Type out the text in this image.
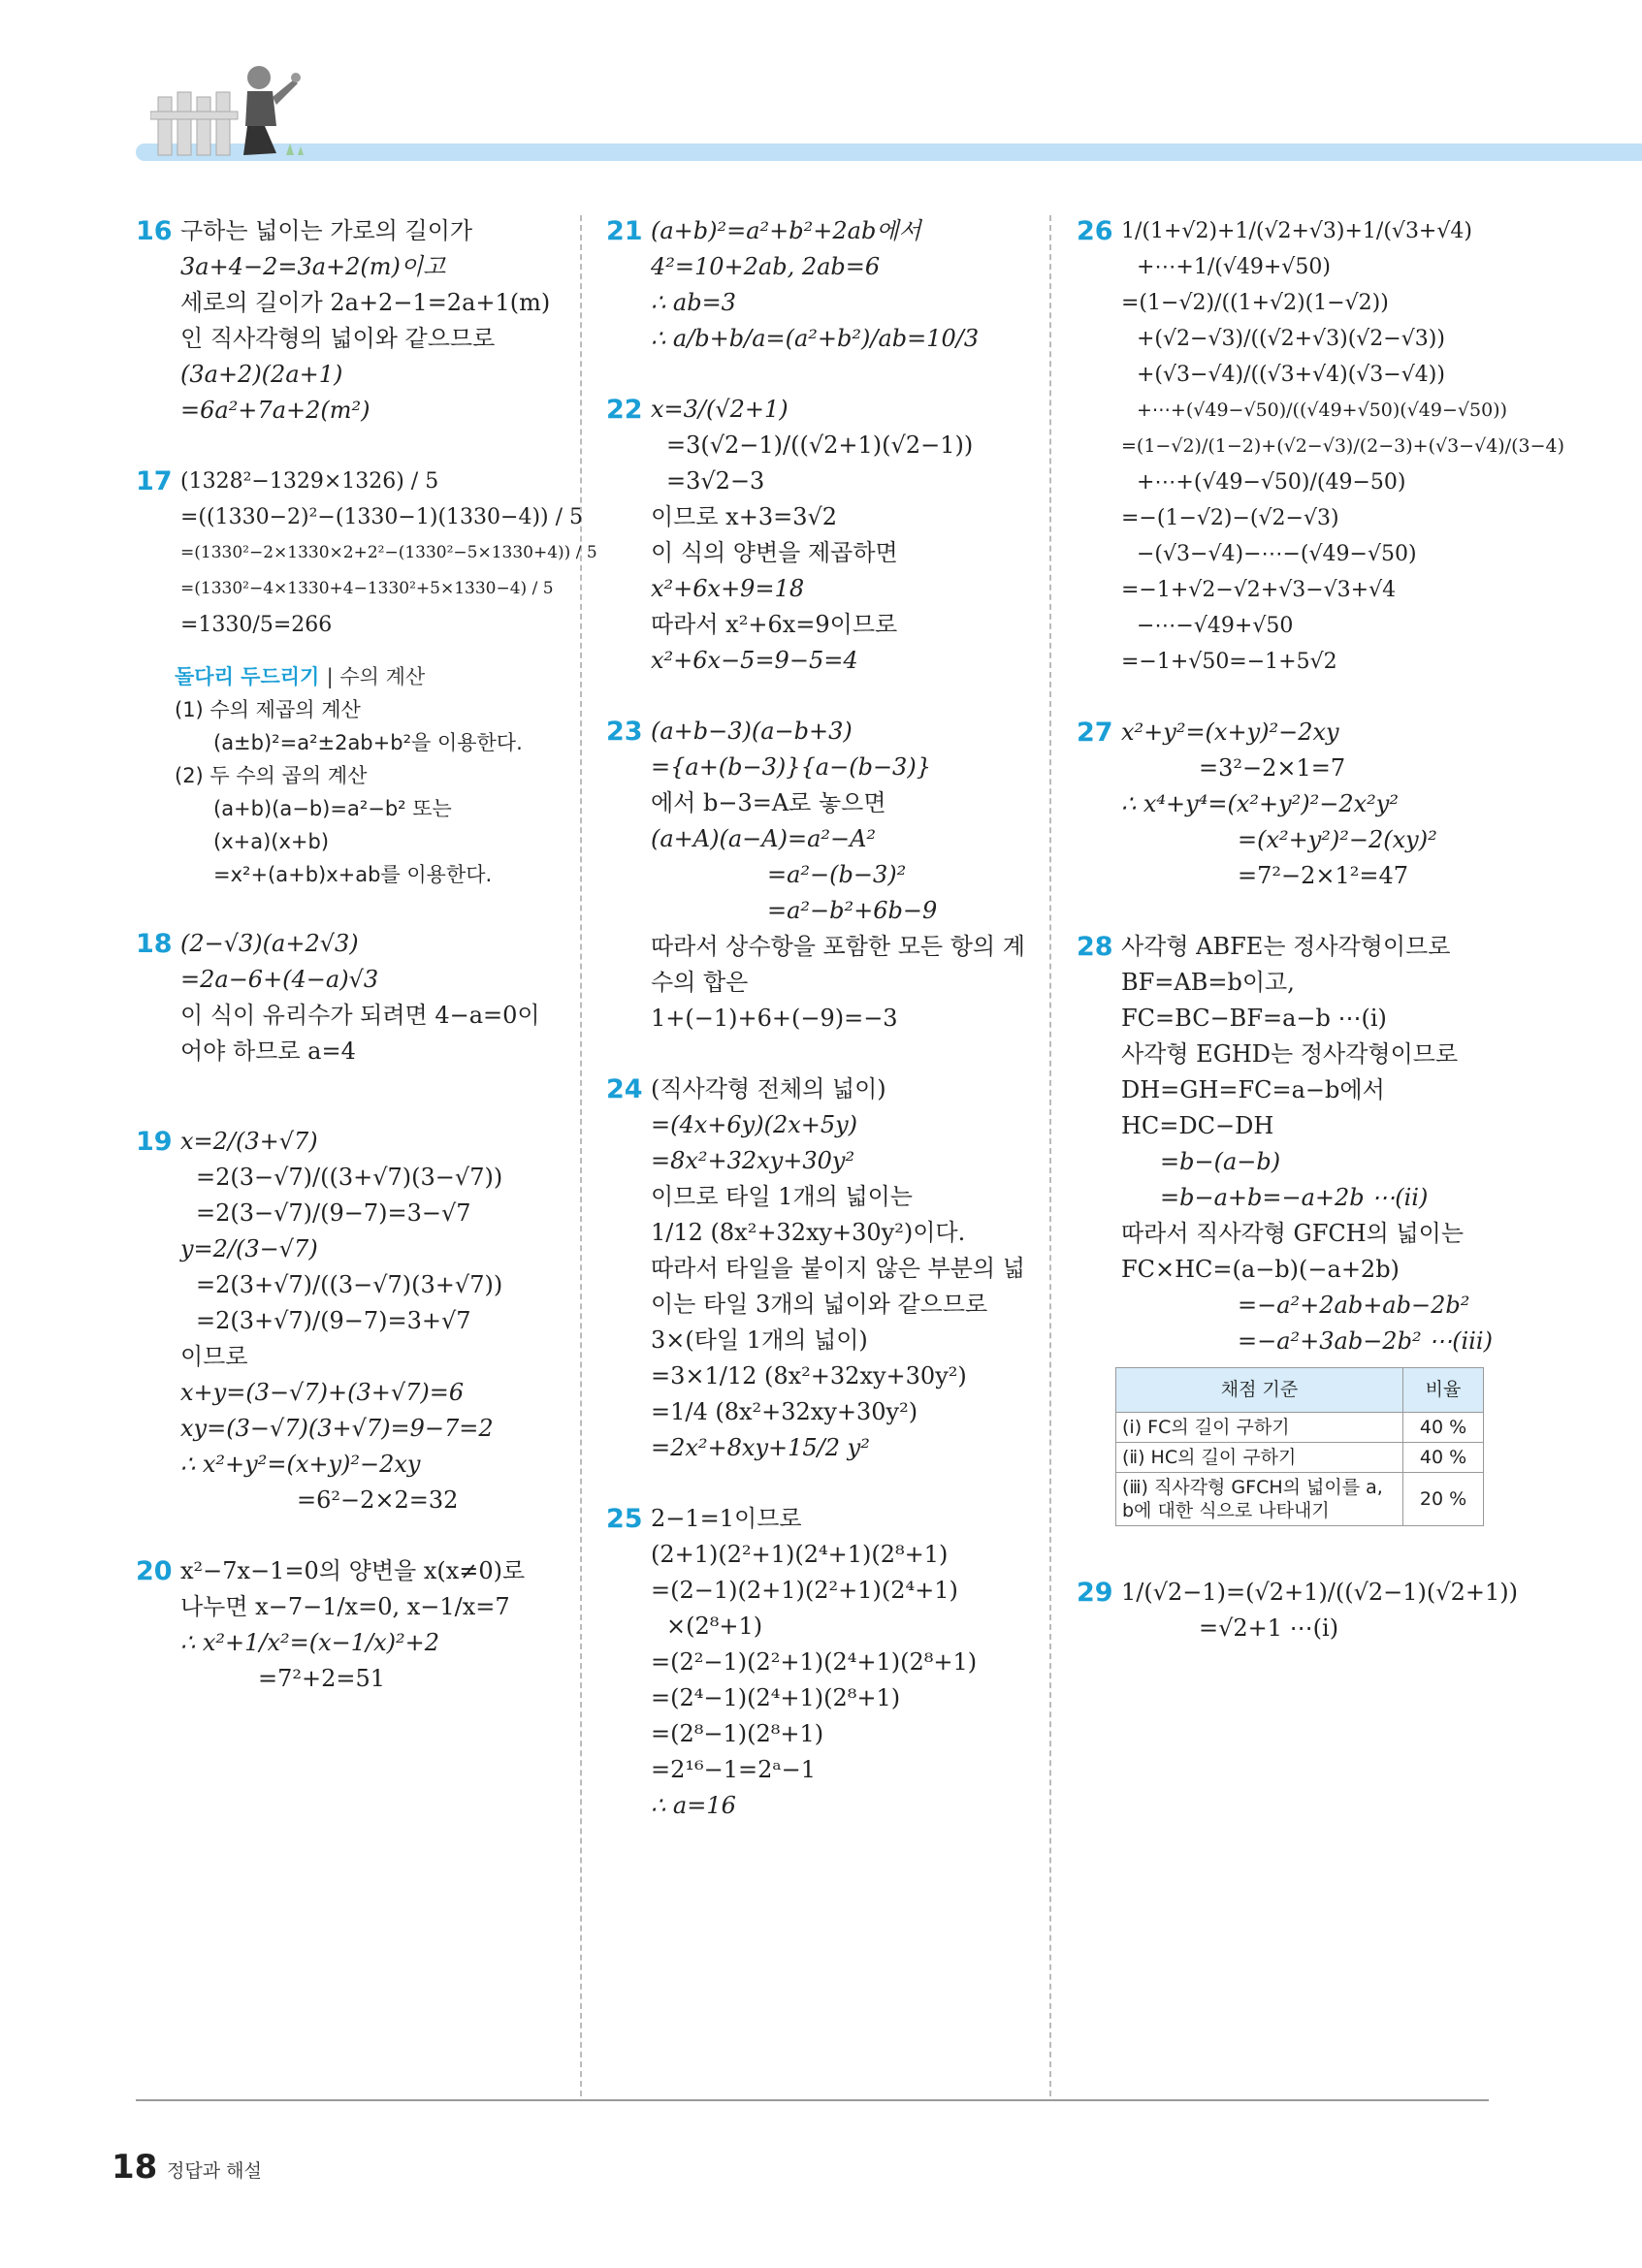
16 구하는 넓이는 가로의 길이가
3a+4−2=3a+2(m)이고
세로의 길이가 2a+2−1=2a+1(m)
인 직사각형의 넓이와 같으므로
(3a+2)(2a+1)
=6a²+7a+2(m²)
17 (1328²−1329×1326) / 5
=((1330−2)²−(1330−1)(1330−4)) / 5
=(1330²−2×1330×2+2²−(1330²−5×1330+4)) / 5
=(1330²−4×1330+4−1330²+5×1330−4) / 5
=1330/5=266
돌다리 두드리기 | 수의 계산
(1) 수의 제곱의 계산
(a±b)²=a²±2ab+b²을 이용한다.
(2) 두 수의 곱의 계산
(a+b)(a−b)=a²−b² 또는
(x+a)(x+b)
=x²+(a+b)x+ab를 이용한다.
18 (2−√3)(a+2√3)
=2a−6+(4−a)√3
이 식이 유리수가 되려면 4−a=0이
어야 하므로 a=4
19 x=2/(3+√7)
=2(3−√7)/((3+√7)(3−√7))
=2(3−√7)/(9−7)=3−√7
y=2/(3−√7)
=2(3+√7)/((3−√7)(3+√7))
=2(3+√7)/(9−7)=3+√7
이므로
x+y=(3−√7)+(3+√7)=6
xy=(3−√7)(3+√7)=9−7=2
∴ x²+y²=(x+y)²−2xy
=6²−2×2=32
20 x²−7x−1=0의 양변을 x(x≠0)로
나누면 x−7−1/x=0, x−1/x=7
∴ x²+1/x²=(x−1/x)²+2
=7²+2=51
21 (a+b)²=a²+b²+2ab에서
4²=10+2ab, 2ab=6
∴ ab=3
∴ a/b+b/a=(a²+b²)/ab=10/3
22 x=3/(√2+1)
=3(√2−1)/((√2+1)(√2−1))
=3√2−3
이므로 x+3=3√2
이 식의 양변을 제곱하면
x²+6x+9=18
따라서 x²+6x=9이므로
x²+6x−5=9−5=4
23 (a+b−3)(a−b+3)
={a+(b−3)}{a−(b−3)}
에서 b−3=A로 놓으면
(a+A)(a−A)=a²−A²
=a²−(b−3)²
=a²−b²+6b−9
따라서 상수항을 포함한 모든 항의 계
수의 합은
1+(−1)+6+(−9)=−3
24 (직사각형 전체의 넓이)
=(4x+6y)(2x+5y)
=8x²+32xy+30y²
이므로 타일 1개의 넓이는
1/12 (8x²+32xy+30y²)이다.
따라서 타일을 붙이지 않은 부분의 넓
이는 타일 3개의 넓이와 같으므로
3×(타일 1개의 넓이)
=3×1/12 (8x²+32xy+30y²)
=1/4 (8x²+32xy+30y²)
=2x²+8xy+15/2 y²
25 2−1=1이므로
(2+1)(2²+1)(2⁴+1)(2⁸+1)
=(2−1)(2+1)(2²+1)(2⁴+1)
×(2⁸+1)
=(2²−1)(2²+1)(2⁴+1)(2⁸+1)
=(2⁴−1)(2⁴+1)(2⁸+1)
=(2⁸−1)(2⁸+1)
=2¹⁶−1=2ᵃ−1
∴ a=16
26 1/(1+√2)+1/(√2+√3)+1/(√3+√4)
+⋯+1/(√49+√50)
=(1−√2)/((1+√2)(1−√2))
+(√2−√3)/((√2+√3)(√2−√3))
+(√3−√4)/((√3+√4)(√3−√4))
+⋯+(√49−√50)/((√49+√50)(√49−√50))
=(1−√2)/(1−2)+(√2−√3)/(2−3)+(√3−√4)/(3−4)
+⋯+(√49−√50)/(49−50)
=−(1−√2)−(√2−√3)
−(√3−√4)−⋯−(√49−√50)
=−1+√2−√2+√3−√3+√4
−⋯−√49+√50
=−1+√50=−1+5√2
27 x²+y²=(x+y)²−2xy
=3²−2×1=7
∴ x⁴+y⁴=(x²+y²)²−2x²y²
=(x²+y²)²−2(xy)²
=7²−2×1²=47
28 사각형 ABFE는 정사각형이므로
BF=AB=b이고,
FC=BC−BF=a−b ⋯(ⅰ)
사각형 EGHD는 정사각형이므로
DH=GH=FC=a−b에서
HC=DC−DH
=b−(a−b)
=b−a+b=−a+2b ⋯(ⅱ)
따라서 직사각형 GFCH의 넓이는
FC×HC=(a−b)(−a+2b)
=−a²+2ab+ab−2b²
=−a²+3ab−2b² ⋯(ⅲ)
채점 기준	비율
(ⅰ) FC의 길이 구하기	40 %
(ⅱ) HC의 길이 구하기	40 %
(ⅲ) 직사각형 GFCH의 넓이를 a, b에 대한 식으로 나타내기	20 %
29 1/(√2−1)=(√2+1)/((√2−1)(√2+1))
=√2+1 ⋯(ⅰ)
18 정답과 해설
